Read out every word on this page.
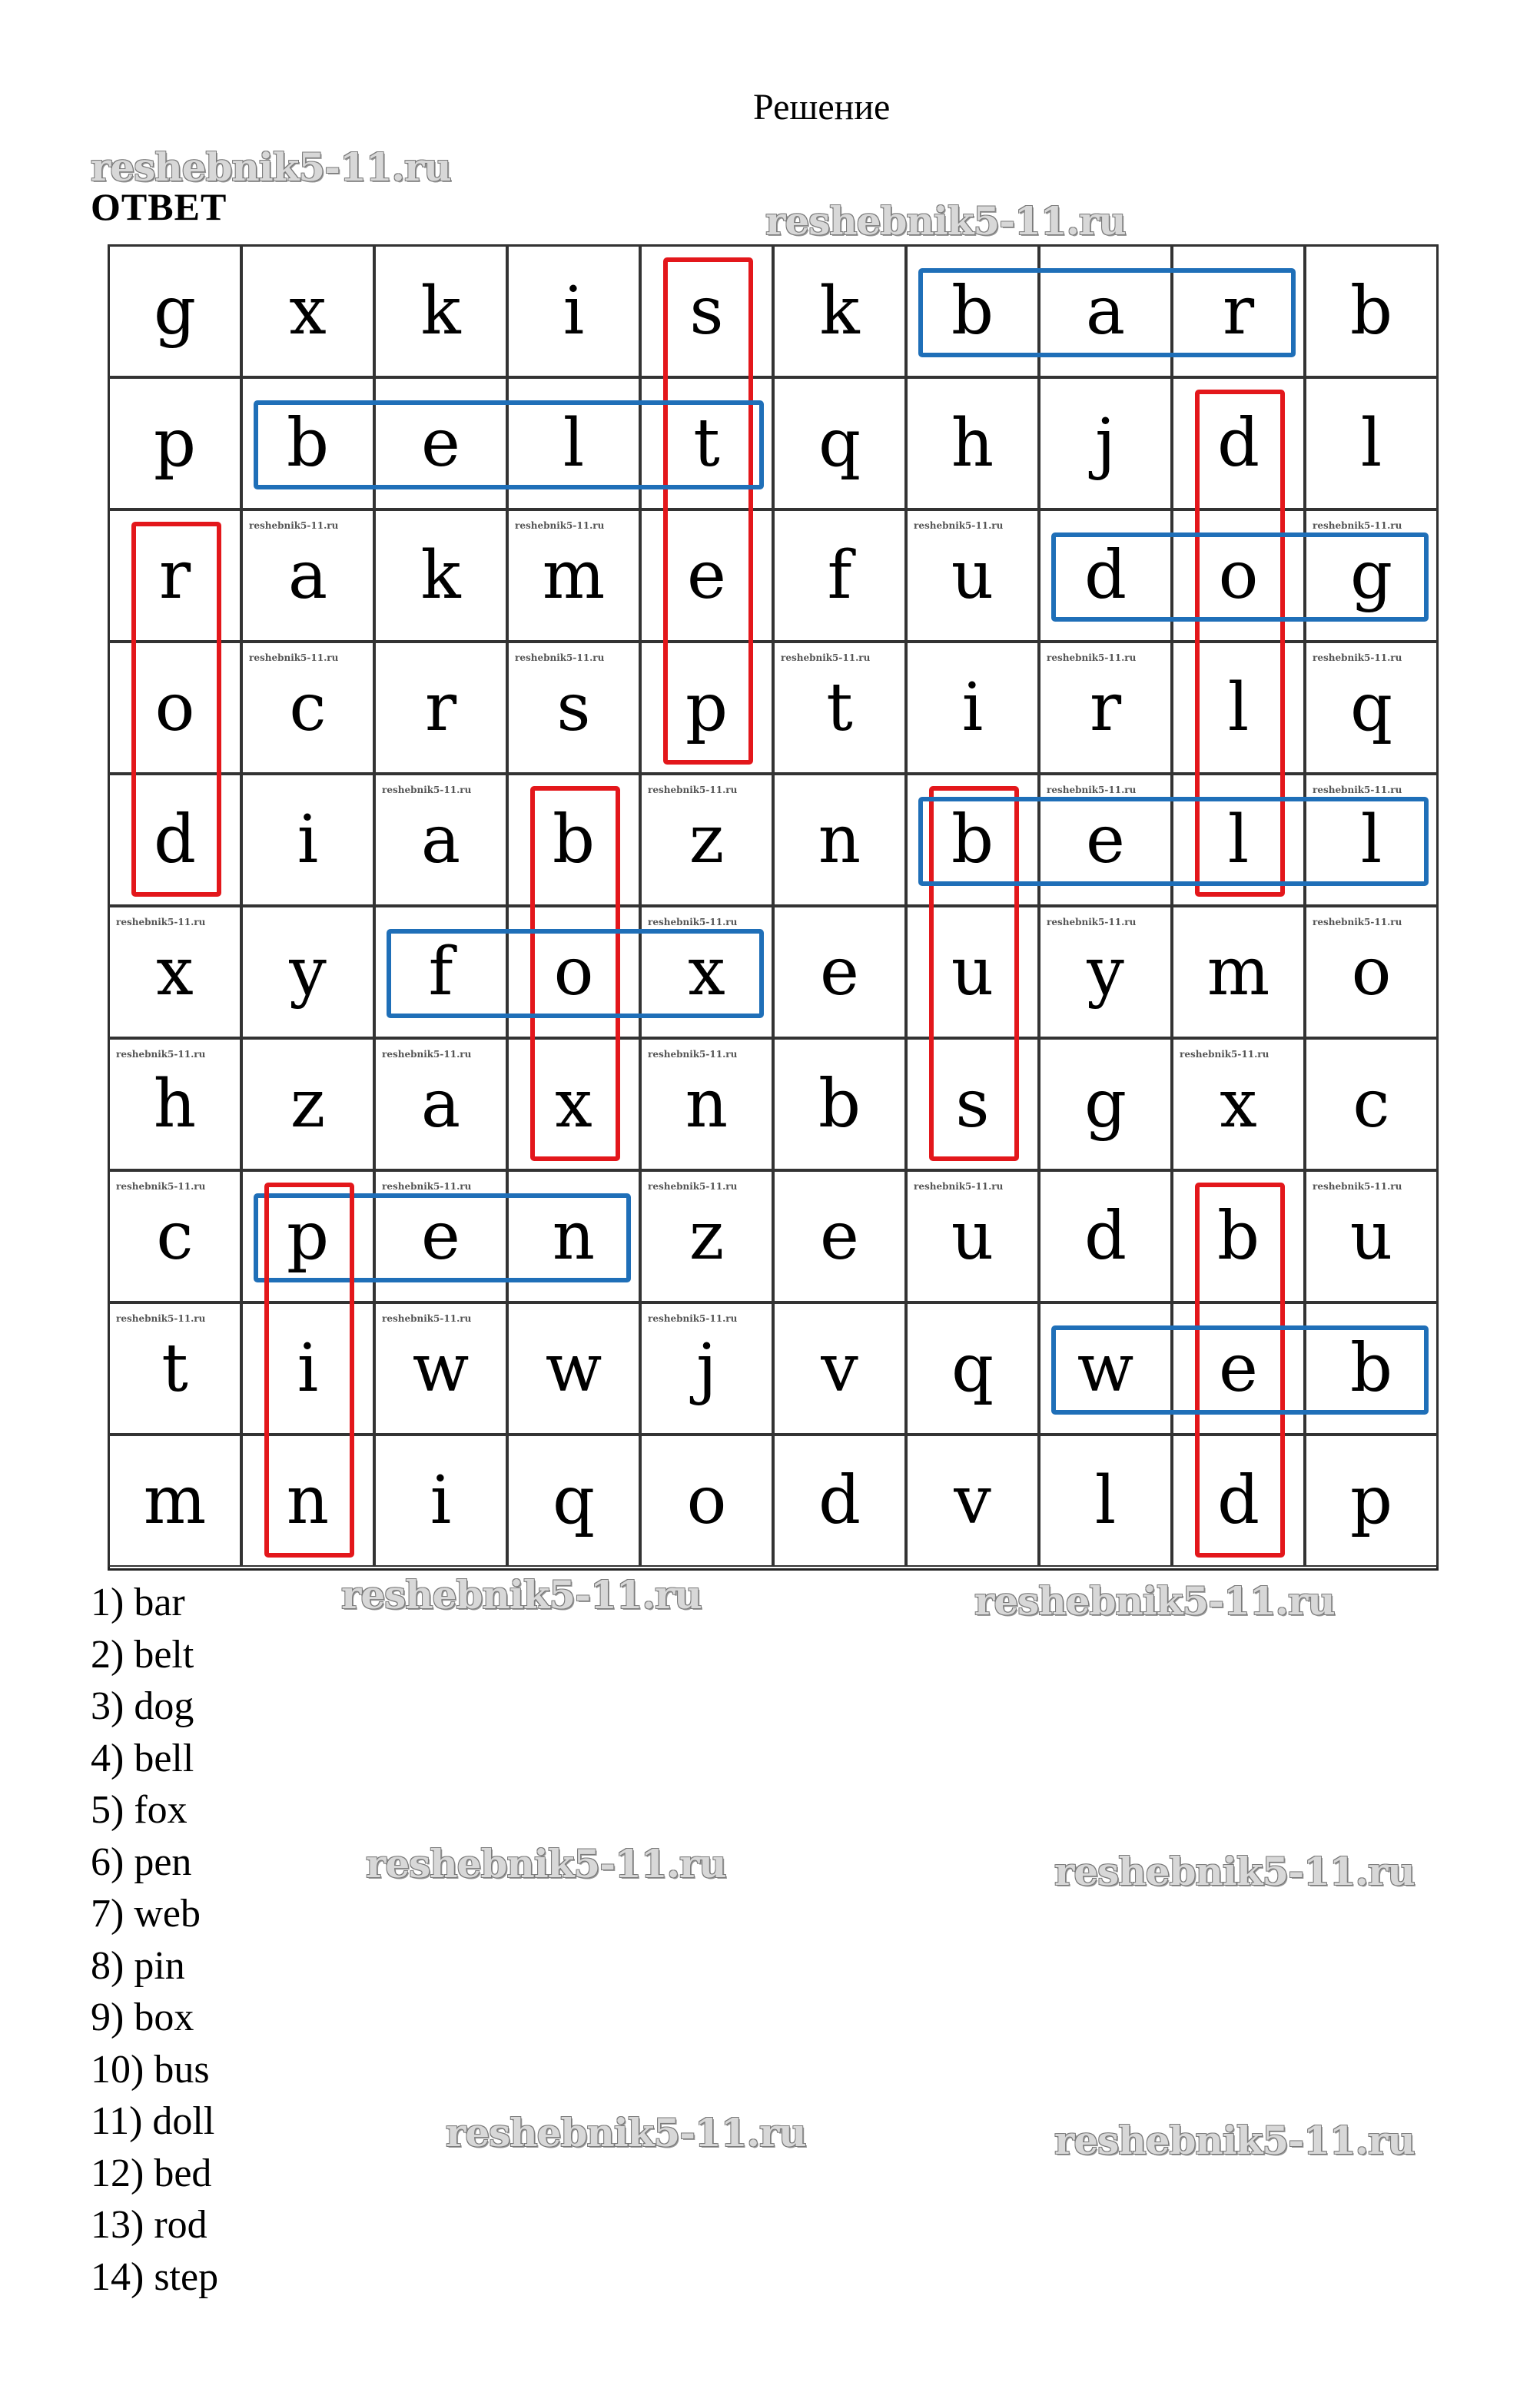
Решение
ОТВЕТ
reshebnik5-11.ru
reshebnik5-11.ru
reshebnik5-11.ru	reshebnik5-11.ru
reshebnik5-11.ru	reshebnik5-11.ru
reshebnik5-11.ru	reshebnik5-11.ru
g	x	k	i	s	k	b	a	r	b
p	b	e	l	t	q	h	j	d	l
r	a	k	m	e	f	u	d	o	g
o	c	r	s	p	t	i	r	l	q
d	i	a	b	z	n	b	e	l	l
x	y	f	o	x	e	u	y	m	o
h	z	a	x	n	b	s	g	x	c
c	p	e	n	z	e	u	d	b	u
t	i	w	w	j	v	q	w	e	b
m	n	i	q	o	d	v	l	d	p
reshebnik5-11.ru	reshebnik5-11.ru	reshebnik5-11.ru	reshebnik5-11.ru
reshebnik5-11.ru	reshebnik5-11.ru	reshebnik5-11.ru	reshebnik5-11.ru	reshebnik5-11.ru
reshebnik5-11.ru	reshebnik5-11.ru	reshebnik5-11.ru	reshebnik5-11.ru
reshebnik5-11.ru	reshebnik5-11.ru	reshebnik5-11.ru	reshebnik5-11.ru
reshebnik5-11.ru	reshebnik5-11.ru	reshebnik5-11.ru	reshebnik5-11.ru
reshebnik5-11.ru	reshebnik5-11.ru	reshebnik5-11.ru	reshebnik5-11.ru	reshebnik5-11.ru
reshebnik5-11.ru	reshebnik5-11.ru	reshebnik5-11.ru
1) bar
2) belt
3) dog
4) bell
5) fox
6) pen
7) web
8) pin
9) box
10) bus
11) doll
12) bed
13) rod
14) step
